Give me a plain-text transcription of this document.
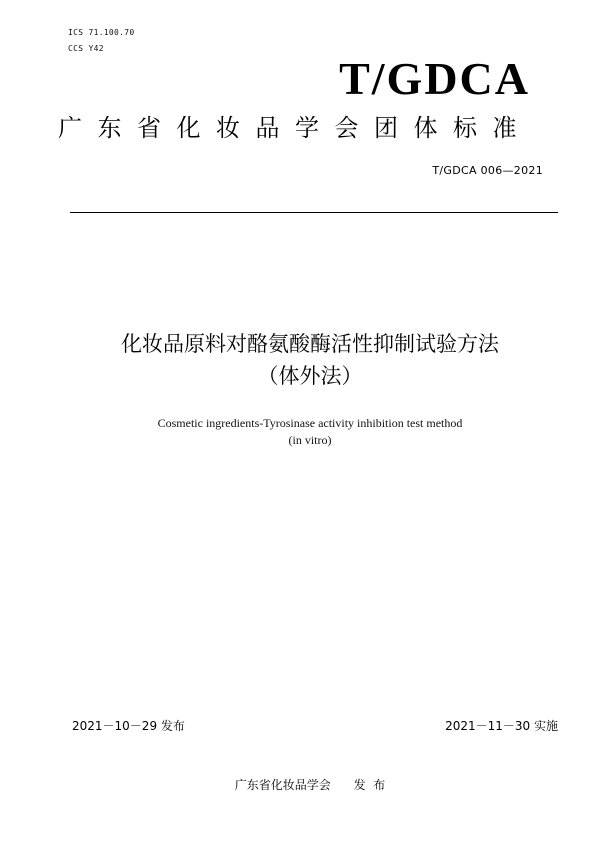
ICS 71.100.70
CCS Y42
T/GDCA
广东省化妆品学会团体标准
T/GDCA 006—2021
化妆品原料对酪氨酸酶活性抑制试验方法
（体外法）
Cosmetic ingredients-Tyrosinase activity inhibition test method
(in vitro)
2021－10－29 发布	2021－11－30 实施
广东省化妆品学会      发  布
